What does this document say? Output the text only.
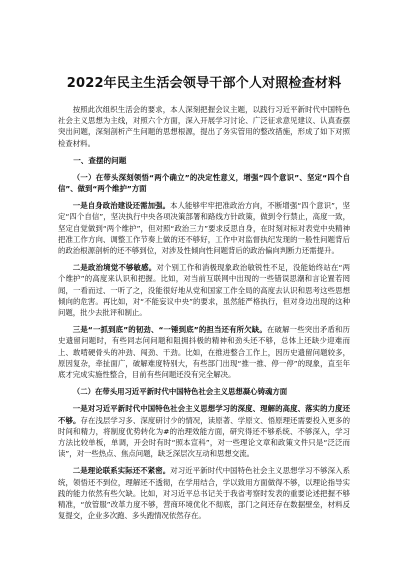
2022年民主生活会领导干部个人对照检查材料

按照此次组织生活会的要求，本人深刻把握会议主题，以践行习近平新时代中国特色社会主义思想为主线，对照六个方面，深入开展学习讨论、广泛征求意见建议、认真查摆突出问题，深刻剖析产生问题的思想根源，提出了务实管用的整改措施，形成了如下对照检查材料。

一、查摆的问题

（一）在带头深刻领悟“两个确立”的决定性意义，增强“四个意识”、坚定“四个自信”、做到“两个维护”方面

一是自身政治建设还需加强。本人能够牢牢把准政治方向，不断增强“四个意识”，坚定“四个自信”，坚决执行中央各项决策部署和路线方针政策，做到令行禁止，高度一致，坚定自觉做到“两个维护”，但对照“政治三力”要求反思自身，在时刻对标对表党中央精神把准工作方向、调整工作节奏上做的还不够好，工作中对监督执纪发现的一般性问题背后的政治根源剖析的还不够到位，对涉及性倾向性问题背后的政治偏向判断力还需提升。

二是政治境觉不够敏感。对个别工作和消极现象政治敏锐性不足，没能始终站在“两个维护”的高度来认识和把握。比如，对当前互联网中出现的一些错误思潮和言论置若罔闻，一看而过、一听了之，没能很好地从党和国家工作全局的高度去认识和思考这些思想倾向的危害。再比如，对“不能妄议中央”的要求，虽然能严格执行，但对身边出现的这种问题，批少去批评和制止。

三是“一抓到底”的韧劲、“一锤到底”的担当还有所欠缺。在破解一些突出矛盾和历史遗留问题时，有些同志问问题和阻拥抖极的精神和劲头还不够，总体上还缺少迎难而上、敢啃硬骨头的冲劲、闯劲、干劲。比如，在推进整合工作上，因历史遗留问题较多，原因复杂，牵扯面广，破解难度特别大，有些部门出现“推一推、停一停”的现象，直至年底才完成实施性整合，目前有些问题还没有完全解决。

（二）在带头用习近平新时代中国特色社会主义思想凝心铸魂方面

一是对习近平新时代中国特色社会主义思想学习的深度、理解的高度、落实的力度还不够。存在浅层学习多、深度研讨少的情况，读原著、学原文、悟原理还需要投入更多的时间和精力，将制度优势转化为#的治理效能方面，研究得还不够系统、不够深入，学习方法比较单板，单调，开会时有时“照本宣科”，对一些理论文章和政策文件只是“泛泛而读”，对一些热点、焦点问题，缺乏深层次互动和思想交流。

二是理论联系实际还不紧密。对习近平新时代中国特色社会主义思想学习不够深入系统，领悟还不到位，理解还不透彻，在学用结合，学以致用方面做得不够，以理论指导实践的能力依然有些欠缺。比如，对习近平总书记关于我省考察时发表的重要论述把握不够精准，“放管服”改革力度不够，营商环境优化不彻底，部门之间还存在数据壁垒，材料反复提交，企业多次跑、多头跑情况依然存在。
